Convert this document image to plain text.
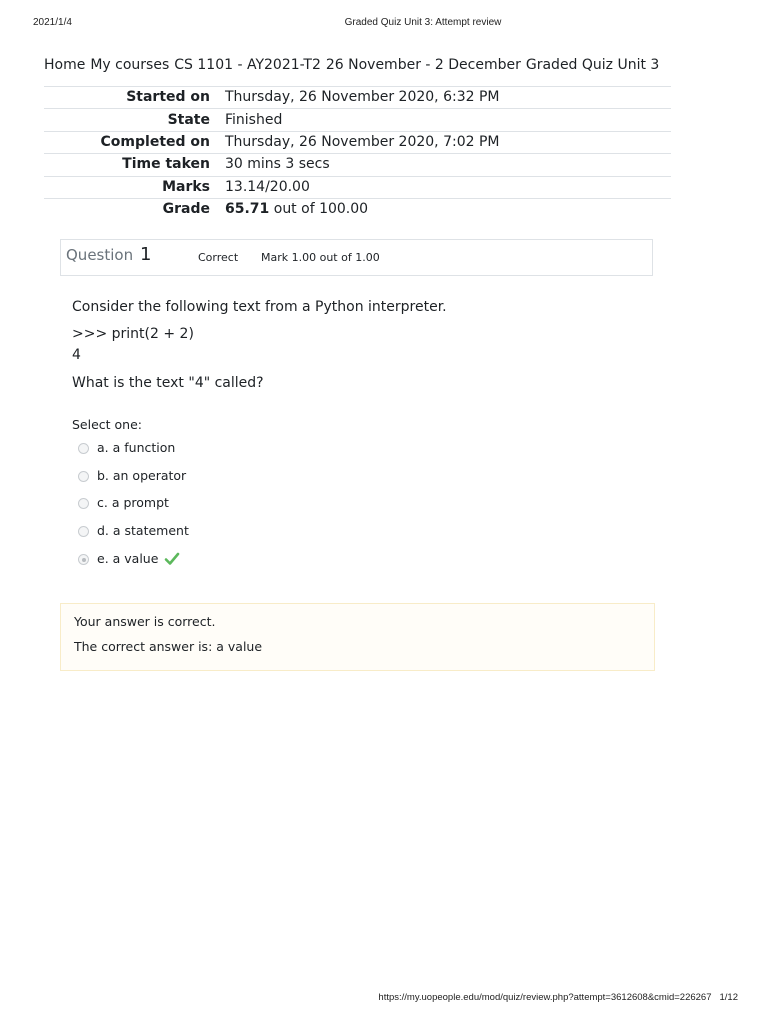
2021/1/4	Graded Quiz Unit 3: Attempt review
Home My courses CS 1101 - AY2021-T2 26 November - 2 December Graded Quiz Unit 3
Started on	Thursday, 26 November 2020, 6:32 PM
State	Finished
Completed on	Thursday, 26 November 2020, 7:02 PM
Time taken	30 mins 3 secs
Marks	13.14/20.00
Grade	65.71 out of 100.00
Question 1	Correct Mark 1.00 out of 1.00
Consider the following text from a Python interpreter.
>>> print(2 + 2)
4
What is the text "4" called?
Select one:
a. a function
b. an operator
c. a prompt
d. a statement
e. a value
Your answer is correct.
The correct answer is: a value
https://my.uopeople.edu/mod/quiz/review.php?attempt=3612608&cmid=226267 1/12
